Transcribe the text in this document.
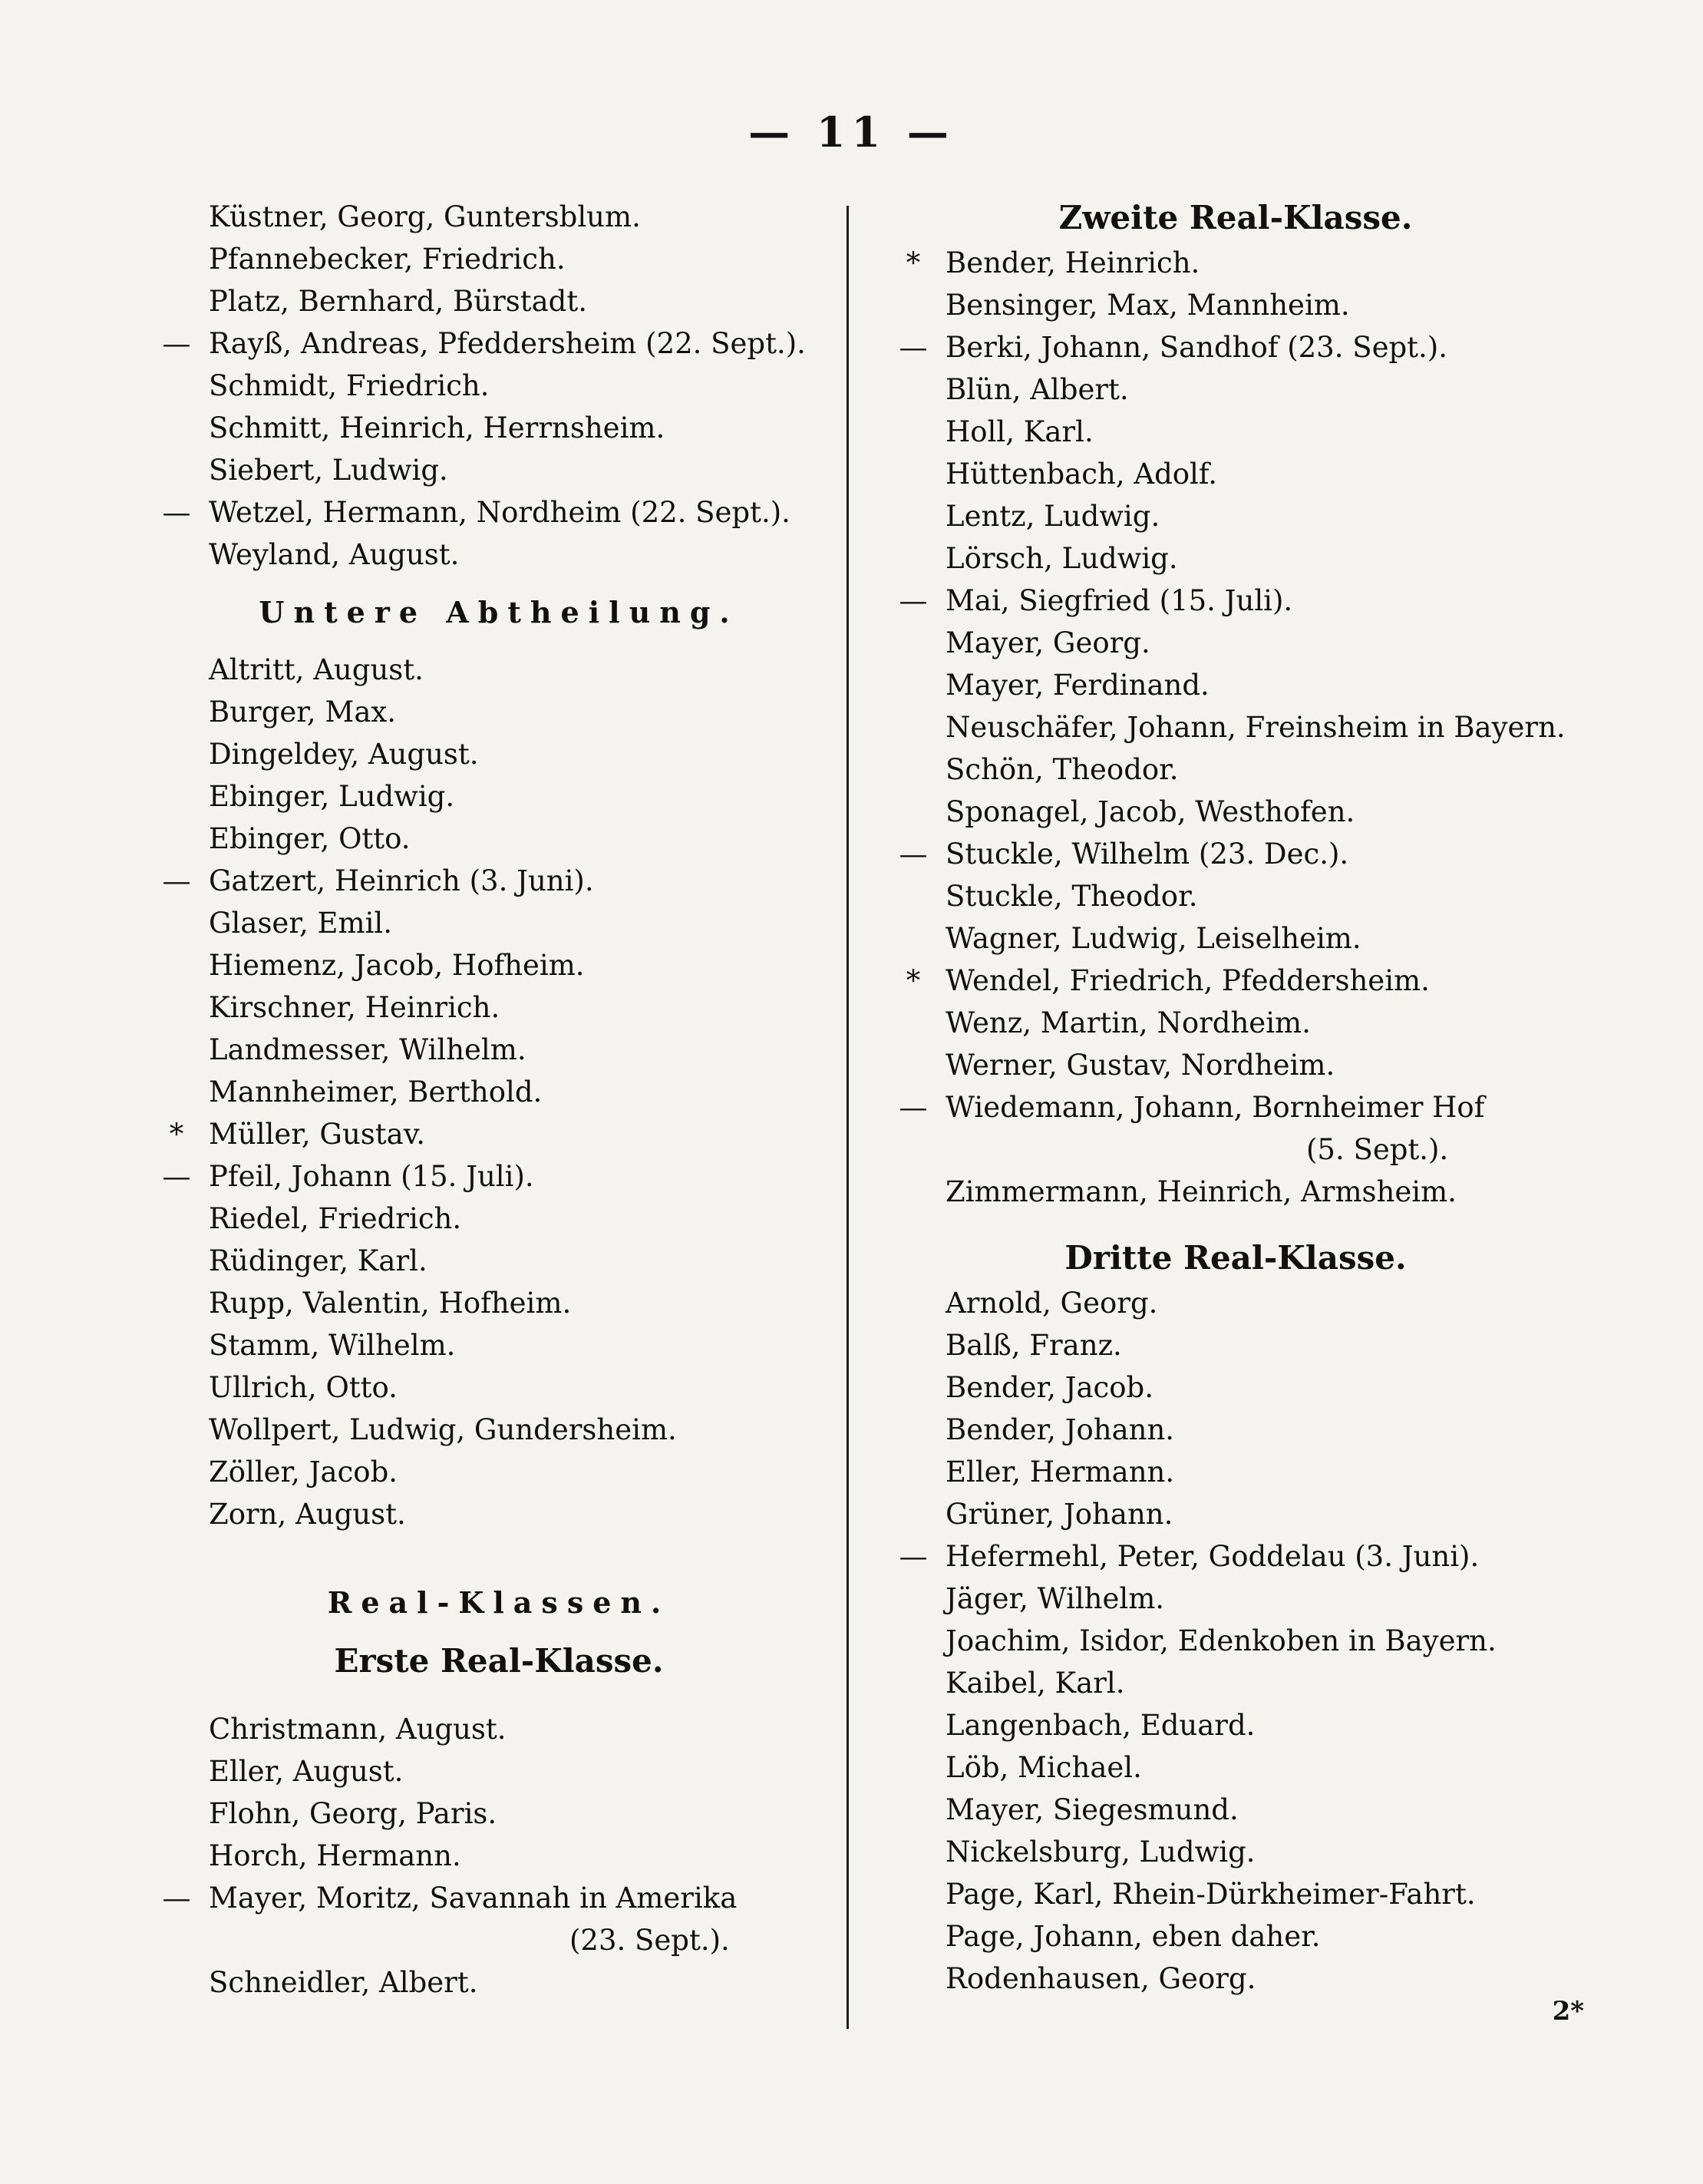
— 11 —
Küstner, Georg, Guntersblum.
Pfannebecker, Friedrich.
Platz, Bernhard, Bürstadt.
— Rayß, Andreas, Pfeddersheim (22. Sept.).
Schmidt, Friedrich.
Schmitt, Heinrich, Herrnsheim.
Siebert, Ludwig.
— Wetzel, Hermann, Nordheim (22. Sept.).
Weyland, August.
Untere Abtheilung.
Altritt, August.
Burger, Max.
Dingeldey, August.
Ebinger, Ludwig.
Ebinger, Otto.
— Gatzert, Heinrich (3. Juni).
Glaser, Emil.
Hiemenz, Jacob, Hofheim.
Kirschner, Heinrich.
Landmesser, Wilhelm.
Mannheimer, Berthold.
* Müller, Gustav.
— Pfeil, Johann (15. Juli).
Riedel, Friedrich.
Rüdinger, Karl.
Rupp, Valentin, Hofheim.
Stamm, Wilhelm.
Ullrich, Otto.
Wollpert, Ludwig, Gundersheim.
Zöller, Jacob.
Zorn, August.
Real-Klassen.
Erste Real-Klasse.
Christmann, August.
Eller, August.
Flohn, Georg, Paris.
Horch, Hermann.
— Mayer, Moritz, Savannah in Amerika
(23. Sept.).
Schneidler, Albert.
Zweite Real-Klasse.
* Bender, Heinrich.
Bensinger, Max, Mannheim.
— Berki, Johann, Sandhof (23. Sept.).
Blün, Albert.
Holl, Karl.
Hüttenbach, Adolf.
Lentz, Ludwig.
Lörsch, Ludwig.
— Mai, Siegfried (15. Juli).
Mayer, Georg.
Mayer, Ferdinand.
Neuschäfer, Johann, Freinsheim in Bayern.
Schön, Theodor.
Sponagel, Jacob, Westhofen.
— Stuckle, Wilhelm (23. Dec.).
Stuckle, Theodor.
Wagner, Ludwig, Leiselheim.
* Wendel, Friedrich, Pfeddersheim.
Wenz, Martin, Nordheim.
Werner, Gustav, Nordheim.
— Wiedemann, Johann, Bornheimer Hof
(5. Sept.).
Zimmermann, Heinrich, Armsheim.
Dritte Real-Klasse.
Arnold, Georg.
Balß, Franz.
Bender, Jacob.
Bender, Johann.
Eller, Hermann.
Grüner, Johann.
— Hefermehl, Peter, Goddelau (3. Juni).
Jäger, Wilhelm.
Joachim, Isidor, Edenkoben in Bayern.
Kaibel, Karl.
Langenbach, Eduard.
Löb, Michael.
Mayer, Siegesmund.
Nickelsburg, Ludwig.
Page, Karl, Rhein-Dürkheimer-Fahrt.
Page, Johann, eben daher.
Rodenhausen, Georg.
2*
